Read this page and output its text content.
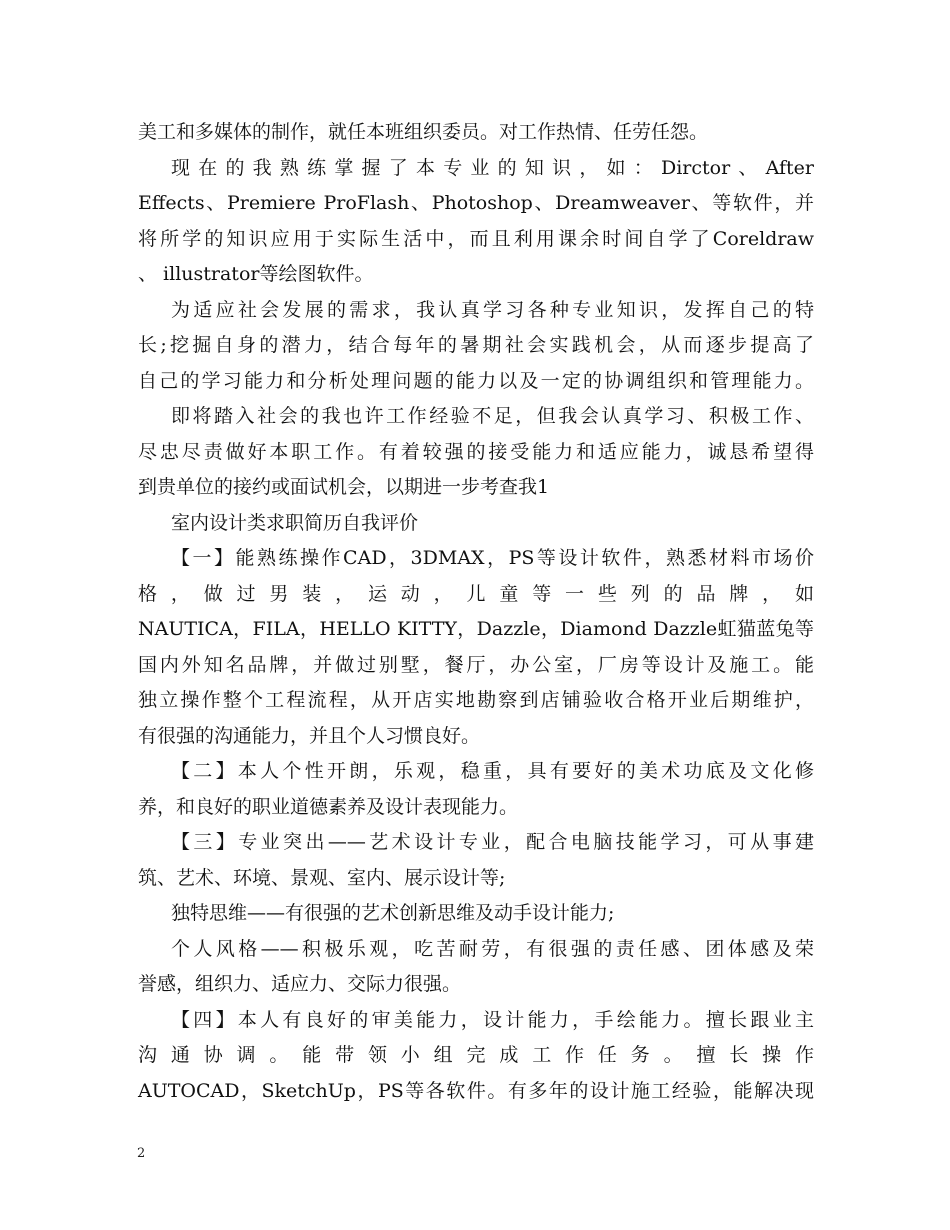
美工和多媒体的制作，就任本班组织委员。对工作热情、任劳任怨。
现在的我熟练掌握了本专业的知识，如：Dirctor、After
Effects、Premiere ProFlash、Photoshop、Dreamweaver、等软件，并
将所学的知识应用于实际生活中，而且利用课余时间自学了Coreldraw
、 illustrator等绘图软件。
为适应社会发展的需求，我认真学习各种专业知识，发挥自己的特
长;挖掘自身的潜力，结合每年的暑期社会实践机会，从而逐步提高了
自己的学习能力和分析处理问题的能力以及一定的协调组织和管理能力。
即将踏入社会的我也许工作经验不足，但我会认真学习、积极工作、
尽忠尽责做好本职工作。有着较强的接受能力和适应能力，诚恳希望得
到贵单位的接约或面试机会，以期进一步考查我1
室内设计类求职简历自我评价
【一】能熟练操作CAD，3DMAX，PS等设计软件，熟悉材料市场价
格 ， 做 过 男 装 ， 运 动 ， 儿 童 等 一 些 列 的 品 牌 ， 如
NAUTICA，FILA，HELLO KITTY，Dazzle，Diamond Dazzle虹猫蓝兔等
国内外知名品牌，并做过别墅，餐厅，办公室，厂房等设计及施工。能
独立操作整个工程流程，从开店实地勘察到店铺验收合格开业后期维护，
有很强的沟通能力，并且个人习惯良好。
【二】本人个性开朗，乐观，稳重，具有要好的美术功底及文化修
养，和良好的职业道德素养及设计表现能力。
【三】专业突出——艺术设计专业，配合电脑技能学习，可从事建
筑、艺术、环境、景观、室内、展示设计等;
独特思维——有很强的艺术创新思维及动手设计能力;
个人风格——积极乐观，吃苦耐劳，有很强的责任感、团体感及荣
誉感，组织力、适应力、交际力很强。
【四】本人有良好的审美能力，设计能力，手绘能力。擅长跟业主
沟 通 协 调 。 能 带 领 小 组 完 成 工 作 任 务 。 擅 长 操 作
AUTOCAD，SketchUp，PS等各软件。有多年的设计施工经验，能解决现
2
